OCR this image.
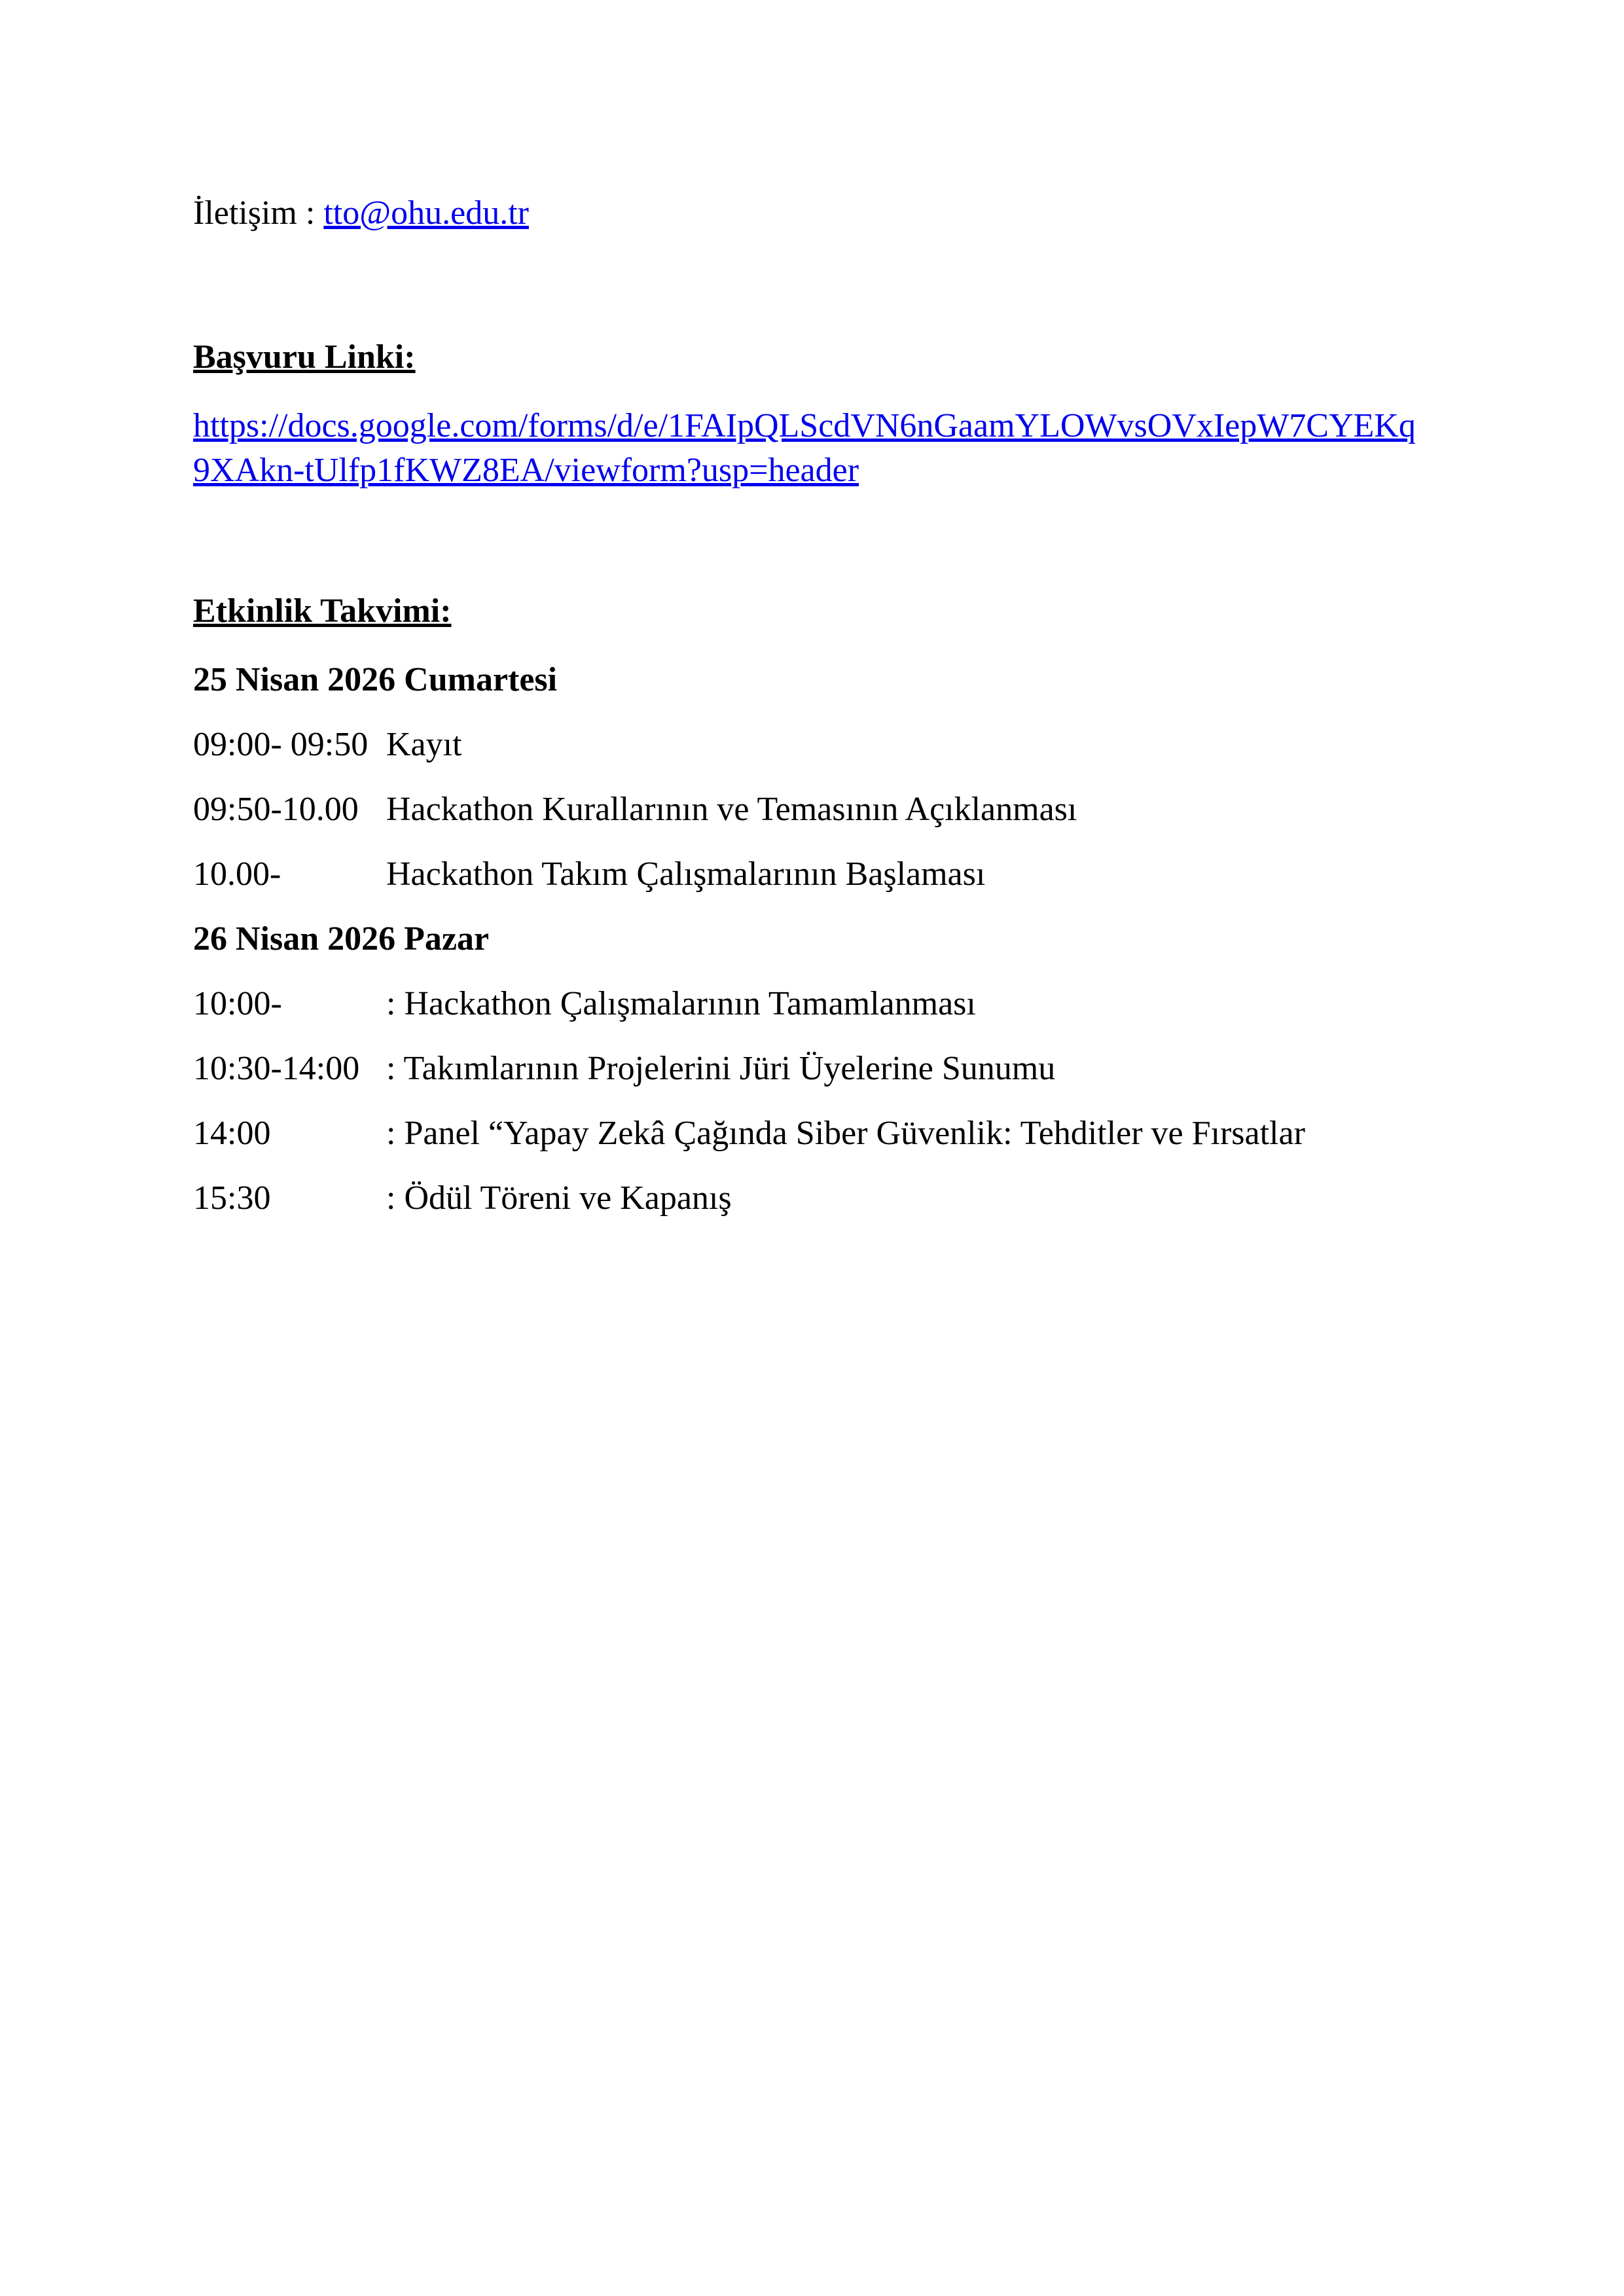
İletişim : tto@ohu.edu.tr

Başvuru Linki:

https://docs.google.com/forms/d/e/1FAIpQLScdVN6nGaamYLOWvsOVxIepW7CYEKq9XAkn-tUlfp1fKWZ8EA/viewform?usp=header

Etkinlik Takvimi:

25 Nisan 2026 Cumartesi

09:00- 09:50 Kayıt

09:50-10.00 Hackathon Kurallarının ve Temasının Açıklanması

10.00-	Hackathon Takım Çalışmalarının Başlaması

26 Nisan 2026 Pazar

10:00-	: Hackathon Çalışmalarının Tamamlanması

10:30-14:00 : Takımlarının Projelerini Jüri Üyelerine Sunumu

14:00	: Panel “Yapay Zekâ Çağında Siber Güvenlik: Tehditler ve Fırsatlar

15:30	: Ödül Töreni ve Kapanış
